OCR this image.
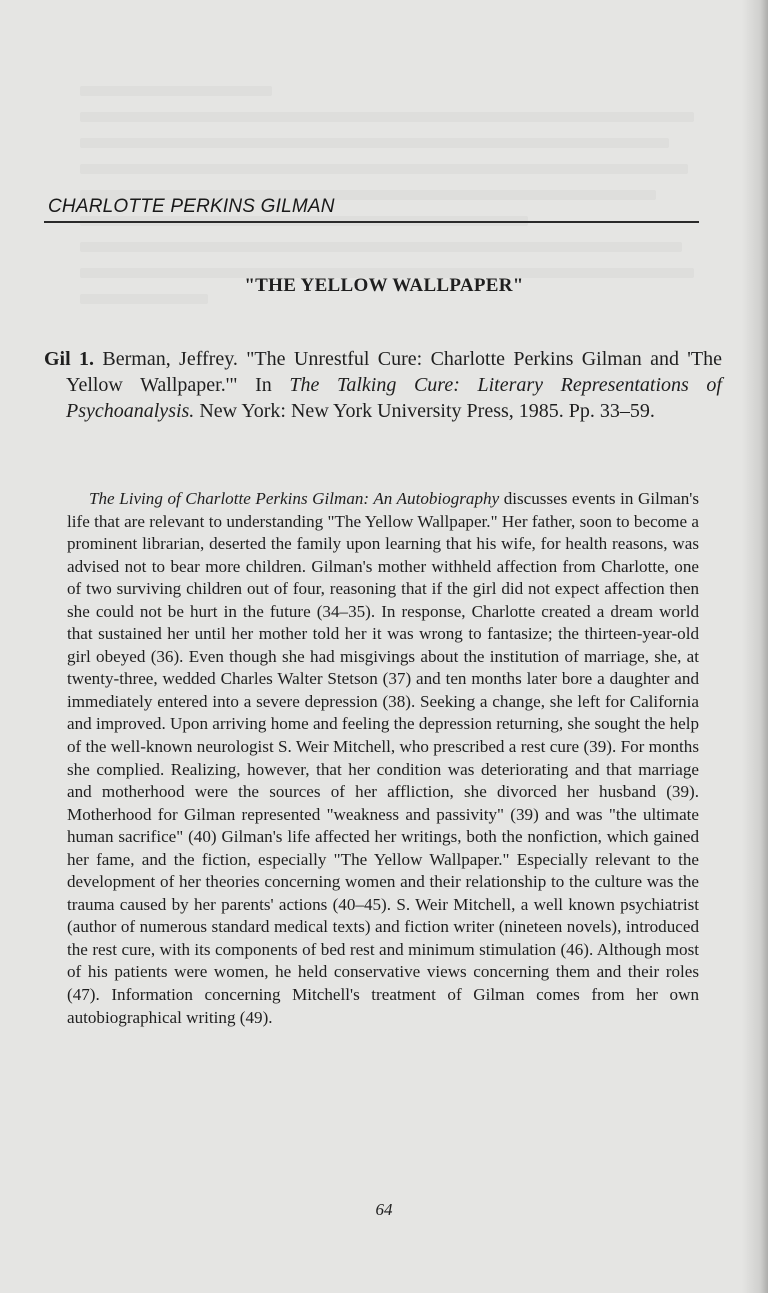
CHARLOTTE PERKINS GILMAN
"THE YELLOW WALLPAPER"

Gil 1. Berman, Jeffrey. "The Unrestful Cure: Charlotte Perkins Gilman and 'The Yellow Wallpaper.'" In The Talking Cure: Literary Representations of Psychoanalysis. New York: New York University Press, 1985. Pp. 33–59.

The Living of Charlotte Perkins Gilman: An Autobiography discusses events in Gilman's life that are relevant to understanding "The Yellow Wallpaper." Her father, soon to become a prominent librarian, deserted the family upon learning that his wife, for health reasons, was advised not to bear more children. Gilman's mother withheld affection from Charlotte, one of two surviving children out of four, reasoning that if the girl did not expect affection then she could not be hurt in the future (34–35). In response, Charlotte created a dream world that sustained her until her mother told her it was wrong to fantasize; the thirteen-year-old girl obeyed (36). Even though she had misgivings about the institution of marriage, she, at twenty-three, wedded Charles Walter Stetson (37) and ten months later bore a daughter and immediately entered into a severe depression (38). Seeking a change, she left for California and improved. Upon arriving home and feeling the depression returning, she sought the help of the well-known neurologist S. Weir Mitchell, who prescribed a rest cure (39). For months she complied. Realizing, however, that her condition was deteriorating and that marriage and motherhood were the sources of her affliction, she divorced her husband (39). Motherhood for Gilman represented "weakness and passivity" (39) and was "the ultimate human sacrifice" (40) Gilman's life affected her writings, both the nonfiction, which gained her fame, and the fiction, especially "The Yellow Wallpaper." Especially relevant to the development of her theories concerning women and their relationship to the culture was the trauma caused by her parents' actions (40–45). S. Weir Mitchell, a well known psychiatrist (author of numerous standard medical texts) and fiction writer (nineteen novels), introduced the rest cure, with its components of bed rest and minimum stimulation (46). Although most of his patients were women, he held conservative views concerning them and their roles (47). Information concerning Mitchell's treatment of Gilman comes from her own autobiographical writing (49).

64
